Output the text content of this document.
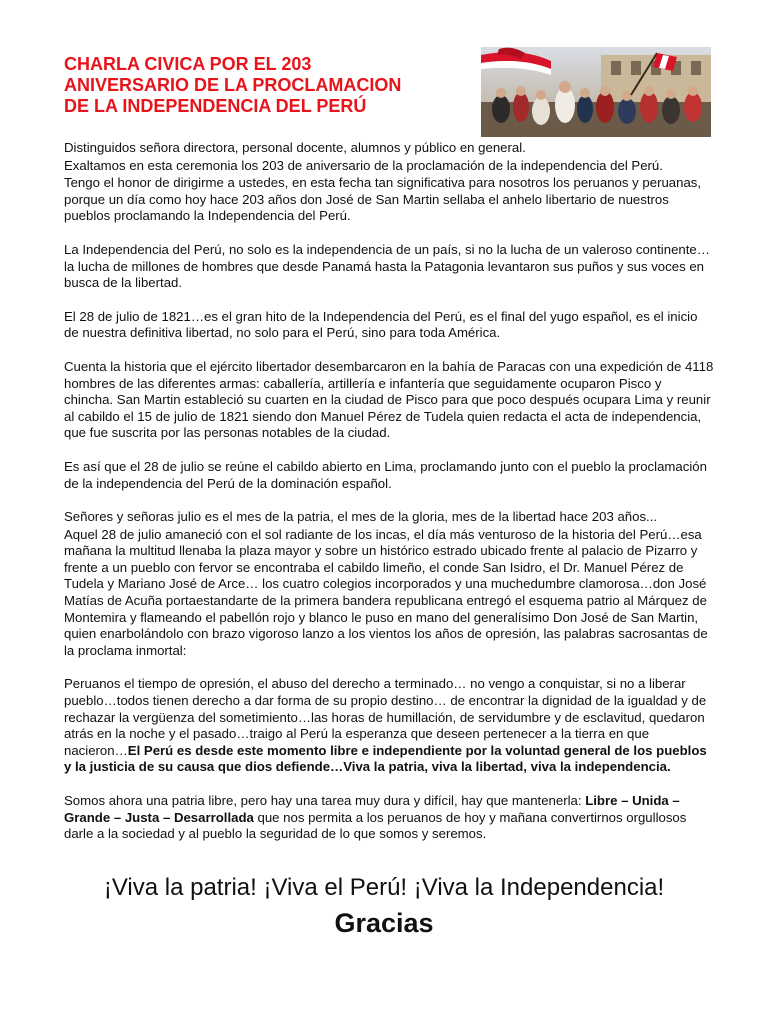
CHARLA CIVICA POR EL 203
ANIVERSARIO DE LA PROCLAMACION
DE LA INDEPENDENCIA DEL PERÚ

Distinguidos señora directora, personal docente, alumnos y público en general.

Exaltamos en esta ceremonia los 203 de aniversario de la proclamación de la independencia del Perú.

Tengo el honor de dirigirme a ustedes, en esta fecha tan significativa para nosotros los peruanos y peruanas, porque un día como hoy hace 203 años don José de San Martin sellaba el anhelo libertario de nuestros pueblos proclamando la Independencia del Perú.

La Independencia del Perú, no solo es la independencia de un país, si no la lucha de un valeroso continente… la lucha de millones de hombres que desde Panamá hasta la Patagonia levantaron sus puños y sus voces en busca de la libertad.

El 28 de julio de 1821…es el gran hito de la Independencia del Perú, es el final del yugo español, es el inicio de nuestra definitiva libertad, no solo para el Perú, sino para toda América.

Cuenta la historia que el ejército libertador desembarcaron en la bahía de Paracas con una expedición de 4118 hombres de las diferentes armas: caballería, artillería e infantería que seguidamente ocuparon Pisco y chincha. San Martin estableció su cuarten en la ciudad de Pisco para que poco después ocupara Lima y reunir al cabildo el 15 de julio de 1821 siendo don Manuel Pérez de Tudela quien redacta el acta de independencia, que fue suscrita por las personas notables de la ciudad.

Es así que el 28 de julio se reúne el cabildo abierto en Lima, proclamando junto con el pueblo la proclamación de la independencia del Perú de la dominación español.

Señores y señoras julio es el mes de la patria, el mes de la gloria, mes de la libertad hace 203 años...

Aquel 28 de julio amaneció con el sol radiante de los incas, el día más venturoso de la historia del Perú…esa mañana la multitud llenaba la plaza mayor y sobre un histórico estrado ubicado frente al palacio de Pizarro y frente a un pueblo con fervor se encontraba el cabildo limeño, el conde San Isidro, el Dr. Manuel Pérez de Tudela y Mariano José de Arce… los cuatro colegios incorporados y una muchedumbre clamorosa…don José Matías de Acuña portaestandarte de la primera bandera republicana entregó el esquema patrio al Márquez de Montemira y flameando el pabellón rojo y blanco le puso en mano del generalísimo Don José de San Martin, quien enarbolándolo con brazo vigoroso lanzo a los vientos los años de opresión, las palabras sacrosantas de la proclama inmortal:

Peruanos el tiempo de opresión, el abuso del derecho a terminado… no vengo a conquistar, si no a liberar pueblo…todos tienen derecho a dar forma de su propio destino… de encontrar la dignidad de la igualdad y de rechazar la vergüenza del sometimiento…las horas de humillación, de servidumbre y de esclavitud, quedaron atrás en la noche y el pasado…traigo al Perú la esperanza que deseen pertenecer a la tierra en que nacieron…El Perú es desde este momento libre e independiente por la voluntad general de los pueblos y la justicia de su causa que dios defiende…Viva la patria, viva la libertad, viva la independencia.

Somos ahora una patria libre, pero hay una tarea muy dura y difícil, hay que mantenerla: Libre – Unida –Grande – Justa – Desarrollada que nos permita a los peruanos de hoy y mañana convertirnos orgullosos darle a la sociedad y al pueblo la seguridad de lo que somos y seremos.

¡Viva la patria! ¡Viva el Perú! ¡Viva la Independencia!

Gracias
